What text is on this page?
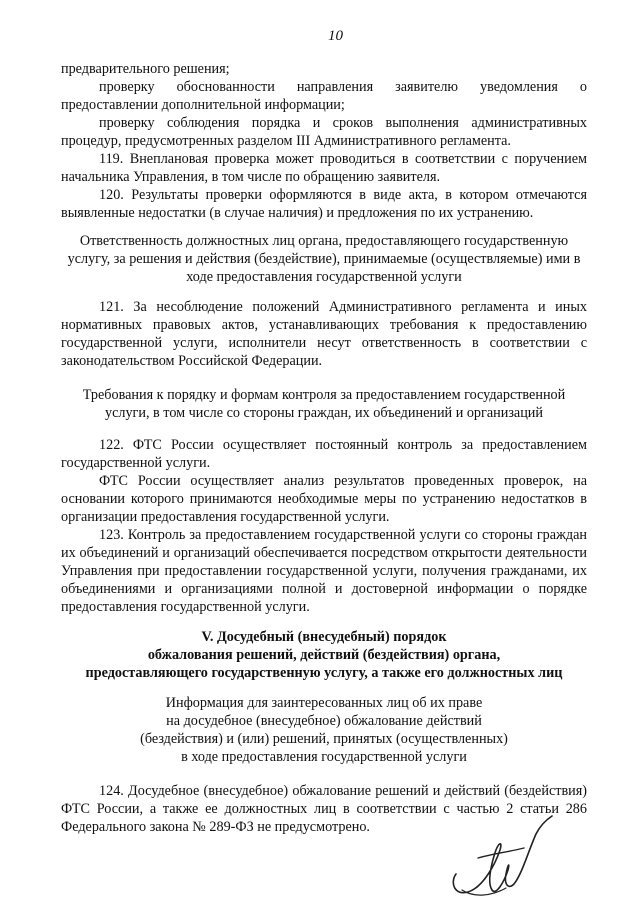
10

предварительного решения;

проверку обоснованности направления заявителю уведомления о предоставлении дополнительной информации;

проверку соблюдения порядка и сроков выполнения административных процедур, предусмотренных разделом III Административного регламента.

119. Внеплановая проверка может проводиться в соответствии с поручением начальника Управления, в том числе по обращению заявителя.

120. Результаты проверки оформляются в виде акта, в котором отмечаются выявленные недостатки (в случае наличия) и предложения по их устранению.

Ответственность должностных лиц органа, предоставляющего государственную
услугу, за решения и действия (бездействие), принимаемые (осуществляемые) ими в
ходе предоставления государственной услуги

121. За несоблюдение положений Административного регламента и иных нормативных правовых актов, устанавливающих требования к предоставлению государственной услуги, исполнители несут ответственность в соответствии с законодательством Российской Федерации.

Требования к порядку и формам контроля за предоставлением государственной
услуги, в том числе со стороны граждан, их объединений и организаций

122. ФТС России осуществляет постоянный контроль за предоставлением государственной услуги.

ФТС России осуществляет анализ результатов проведенных проверок, на основании которого принимаются необходимые меры по устранению недостатков в организации предоставления государственной услуги.

123. Контроль за предоставлением государственной услуги со стороны граждан их объединений и организаций обеспечивается посредством открытости деятельности Управления при предоставлении государственной услуги, получения гражданами, их объединениями и организациями полной и достоверной информации о порядке предоставления государственной услуги.

V. Досудебный (внесудебный) порядок
обжалования решений, действий (бездействия) органа,
предоставляющего государственную услугу, а также его должностных лиц
Информация для заинтересованных лиц об их праве
на досудебное (внесудебное) обжалование действий
(бездействия) и (или) решений, принятых (осуществленных)
в ходе предоставления государственной услуги

124. Досудебное (внесудебное) обжалование решений и действий (бездействия) ФТС России, а также ее должностных лиц в соответствии с частью 2 статьи 286 Федерального закона № 289-ФЗ не предусмотрено.
